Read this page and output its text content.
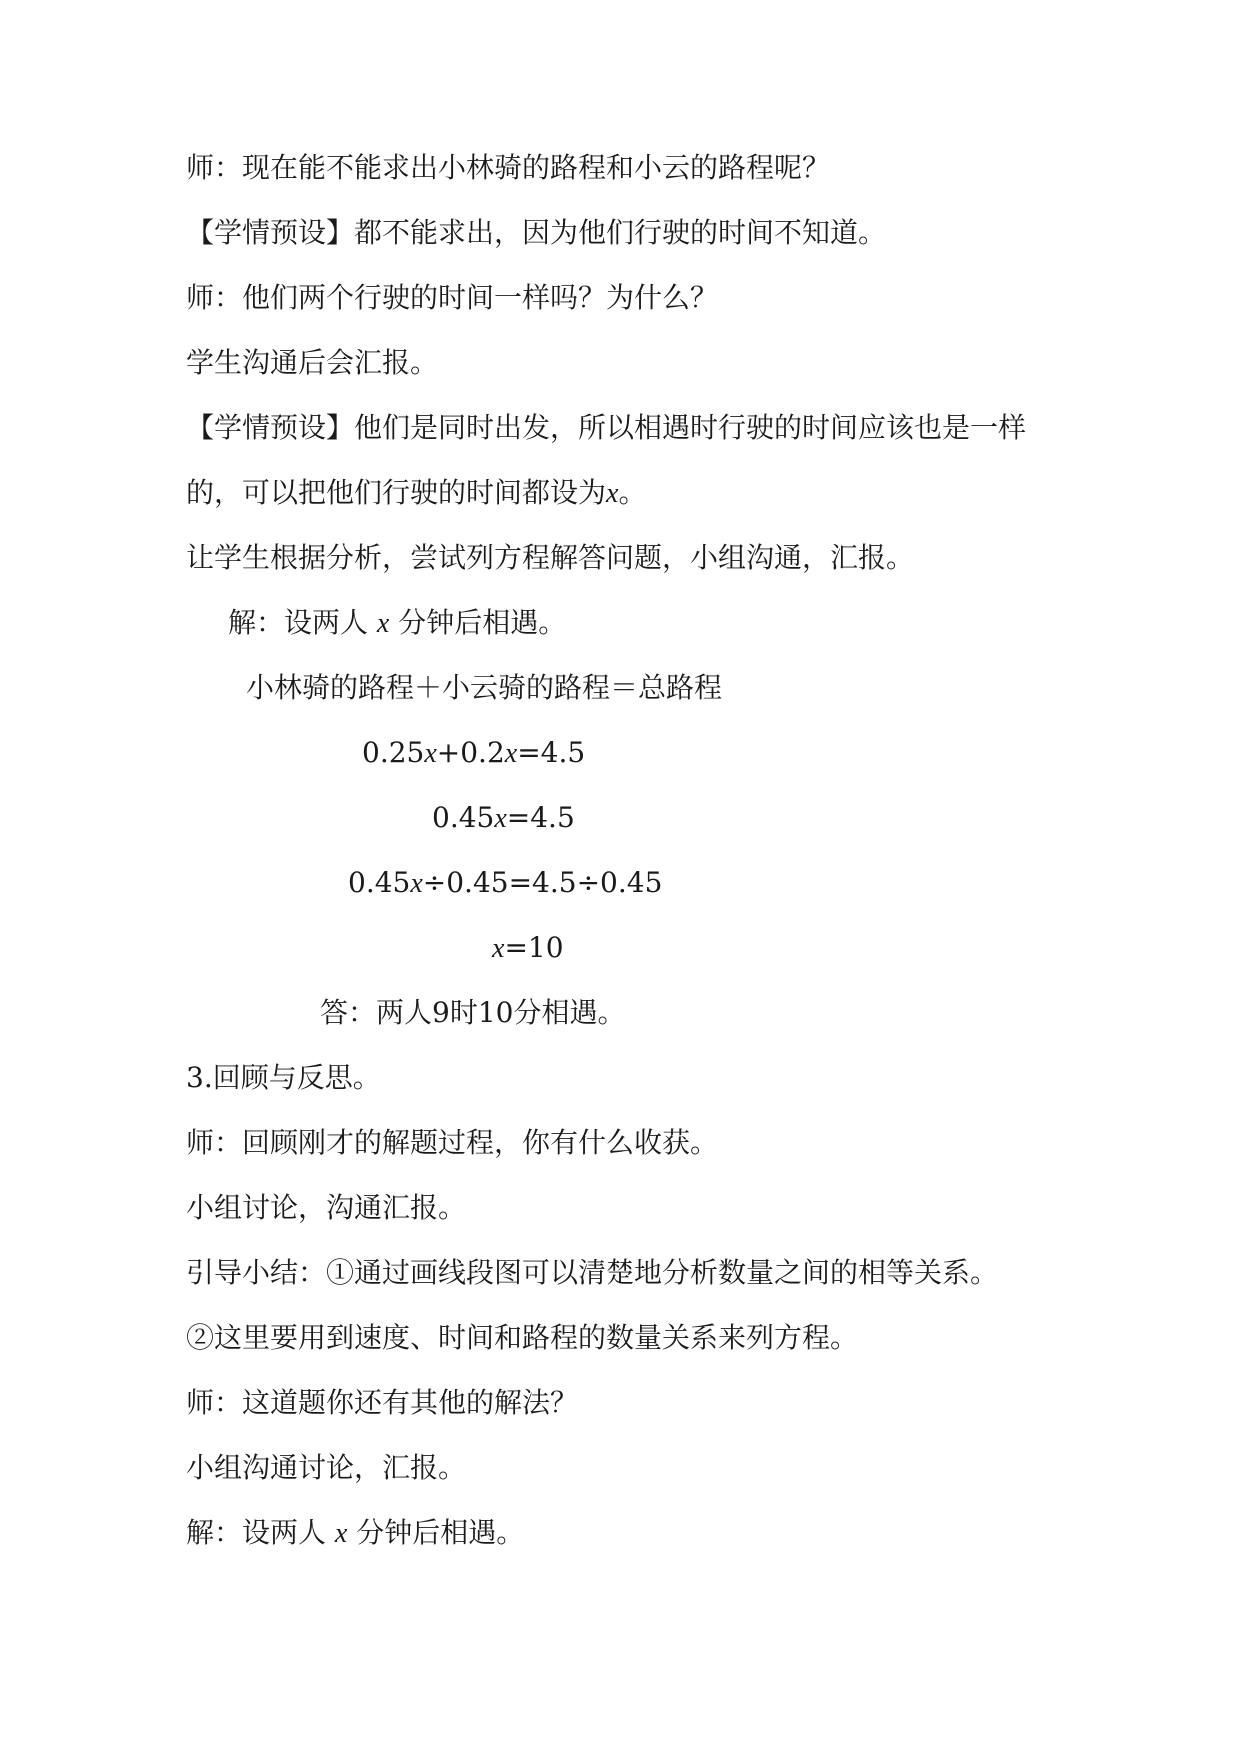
师：现在能不能求出小林骑的路程和小云的路程呢？
【学情预设】都不能求出，因为他们行驶的时间不知道。
师：他们两个行驶的时间一样吗？为什么？
学生沟通后会汇报。
【学情预设】他们是同时出发，所以相遇时行驶的时间应该也是一样
的，可以把他们行驶的时间都设为x。
让学生根据分析，尝试列方程解答问题，小组沟通，汇报。
解：设两人 x 分钟后相遇。
小林骑的路程＋小云骑的路程＝总路程
0.25x+0.2x=4.5
0.45x=4.5
0.45x÷0.45=4.5÷0.45
x=10
答：两人9时10分相遇。
3.回顾与反思。
师：回顾刚才的解题过程，你有什么收获。
小组讨论，沟通汇报。
引导小结：①通过画线段图可以清楚地分析数量之间的相等关系。
②这里要用到速度、时间和路程的数量关系来列方程。
师：这道题你还有其他的解法？
小组沟通讨论，汇报。
解：设两人 x 分钟后相遇。
